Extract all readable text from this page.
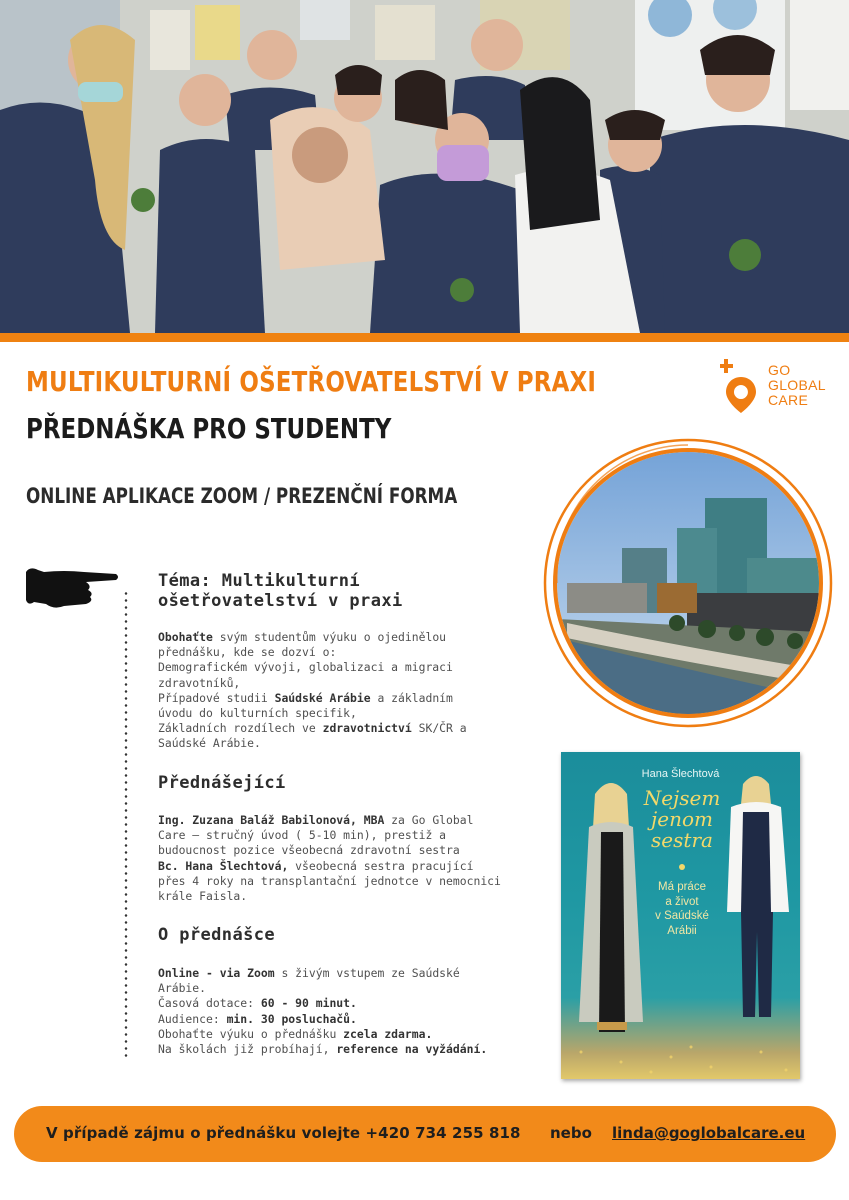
MULTIKULTURNÍ OŠETŘOVATELSTVÍ V PRAXI
PŘEDNÁŠKA PRO STUDENTY
ONLINE APLIKACE ZOOM / PREZENČNÍ FORMA
GO
GLOBAL
CARE
Téma: Multikulturní
ošetřovatelství v praxi
Obohaťte svým studentům výuku o ojedinělou
přednášku, kde se dozví o:
Demografickém vývoji, globalizaci a migraci
zdravotníků,
Případové studii Saúdské Arábie a základním
úvodu do kulturních specifik,
Základních rozdílech ve zdravotnictví SK/ČR a
Saúdské Arábie.
Přednášející
Ing. Zuzana Baláž Babilonová, MBA za Go Global
Care – stručný úvod ( 5-10 min), prestiž a
budoucnost pozice všeobecná zdravotní sestra
Bc. Hana Šlechtová, všeobecná sestra pracující
přes 4 roky na transplantační jednotce v nemocnici
krále Faisla.
O přednášce
Online - via Zoom s živým vstupem ze Saúdské
Arábie.
Časová dotace: 60 - 90 minut.
Audience: min. 30 posluchačů.
Obohaťte výuku o přednášku zcela zdarma.
Na školách již probíhají, reference na vyžádání.
Hana Šlechtová
Nejsem
jenom
sestra
Má práce
a život
v Saúdské
Arábii
V případě zájmu o přednášku volejte +420 734 255 818 nebo linda@goglobalcare.eu
